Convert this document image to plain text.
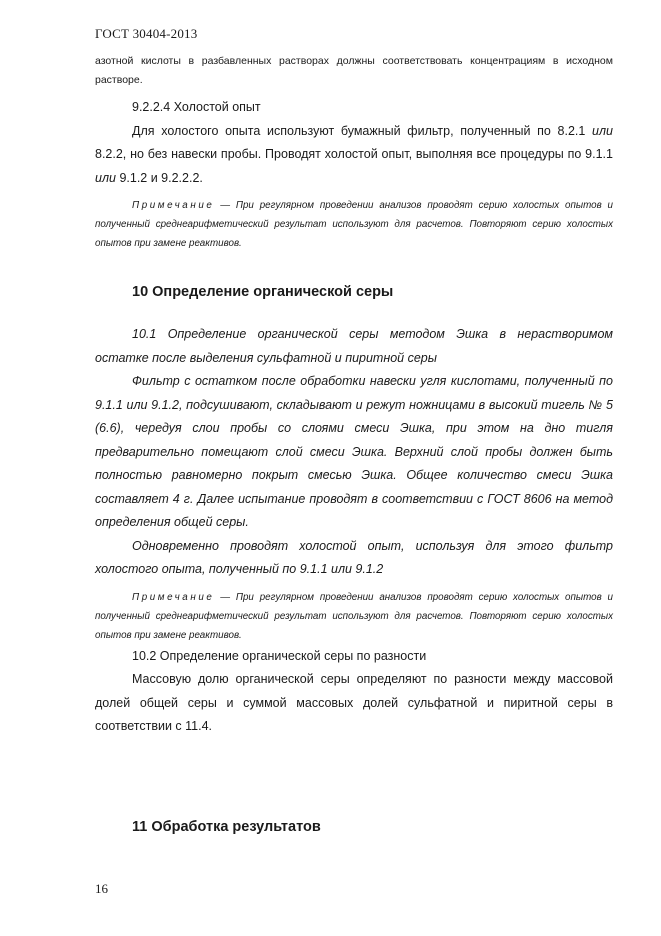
ГОСТ 30404-2013

азотной кислоты в разбавленных растворах должны соответствовать концентрациям в исходном растворе.

9.2.2.4 Холостой опыт

Для холостого опыта используют бумажный фильтр, полученный по 8.2.1 или 8.2.2, но без навески пробы. Проводят холостой опыт, выполняя все процедуры по 9.1.1 или 9.1.2 и 9.2.2.2.

Примечание — При регулярном проведении анализов проводят серию холостых опытов и полученный среднеарифметический результат используют для расчетов. Повторяют серию холостых опытов при замене реактивов.

10 Определение органической серы

10.1 Определение органической серы методом Эшка в нерастворимом остатке после выделения сульфатной и пиритной серы

Фильтр с остатком после обработки навески угля кислотами, полученный по 9.1.1 или 9.1.2, подсушивают, складывают и режут ножницами в высокий тигель № 5 (6.6), чередуя слои пробы со слоями смеси Эшка, при этом на дно тигля предварительно помещают слой смеси Эшка. Верхний слой пробы должен быть полностью равномерно покрыт смесью Эшка. Общее количество смеси Эшка составляет 4 г. Далее испытание проводят в соответствии с ГОСТ 8606 на метод определения общей серы.

Одновременно проводят холостой опыт, используя для этого фильтр холостого опыта, полученный по 9.1.1 или 9.1.2

Примечание — При регулярном проведении анализов проводят серию холостых опытов и полученный среднеарифметический результат используют для расчетов. Повторяют серию холостых опытов при замене реактивов.

10.2 Определение органической серы по разности

Массовую долю органической серы определяют по разности между массовой долей общей серы и суммой массовых долей сульфатной и пиритной серы в соответствии с 11.4.

11 Обработка результатов
16
